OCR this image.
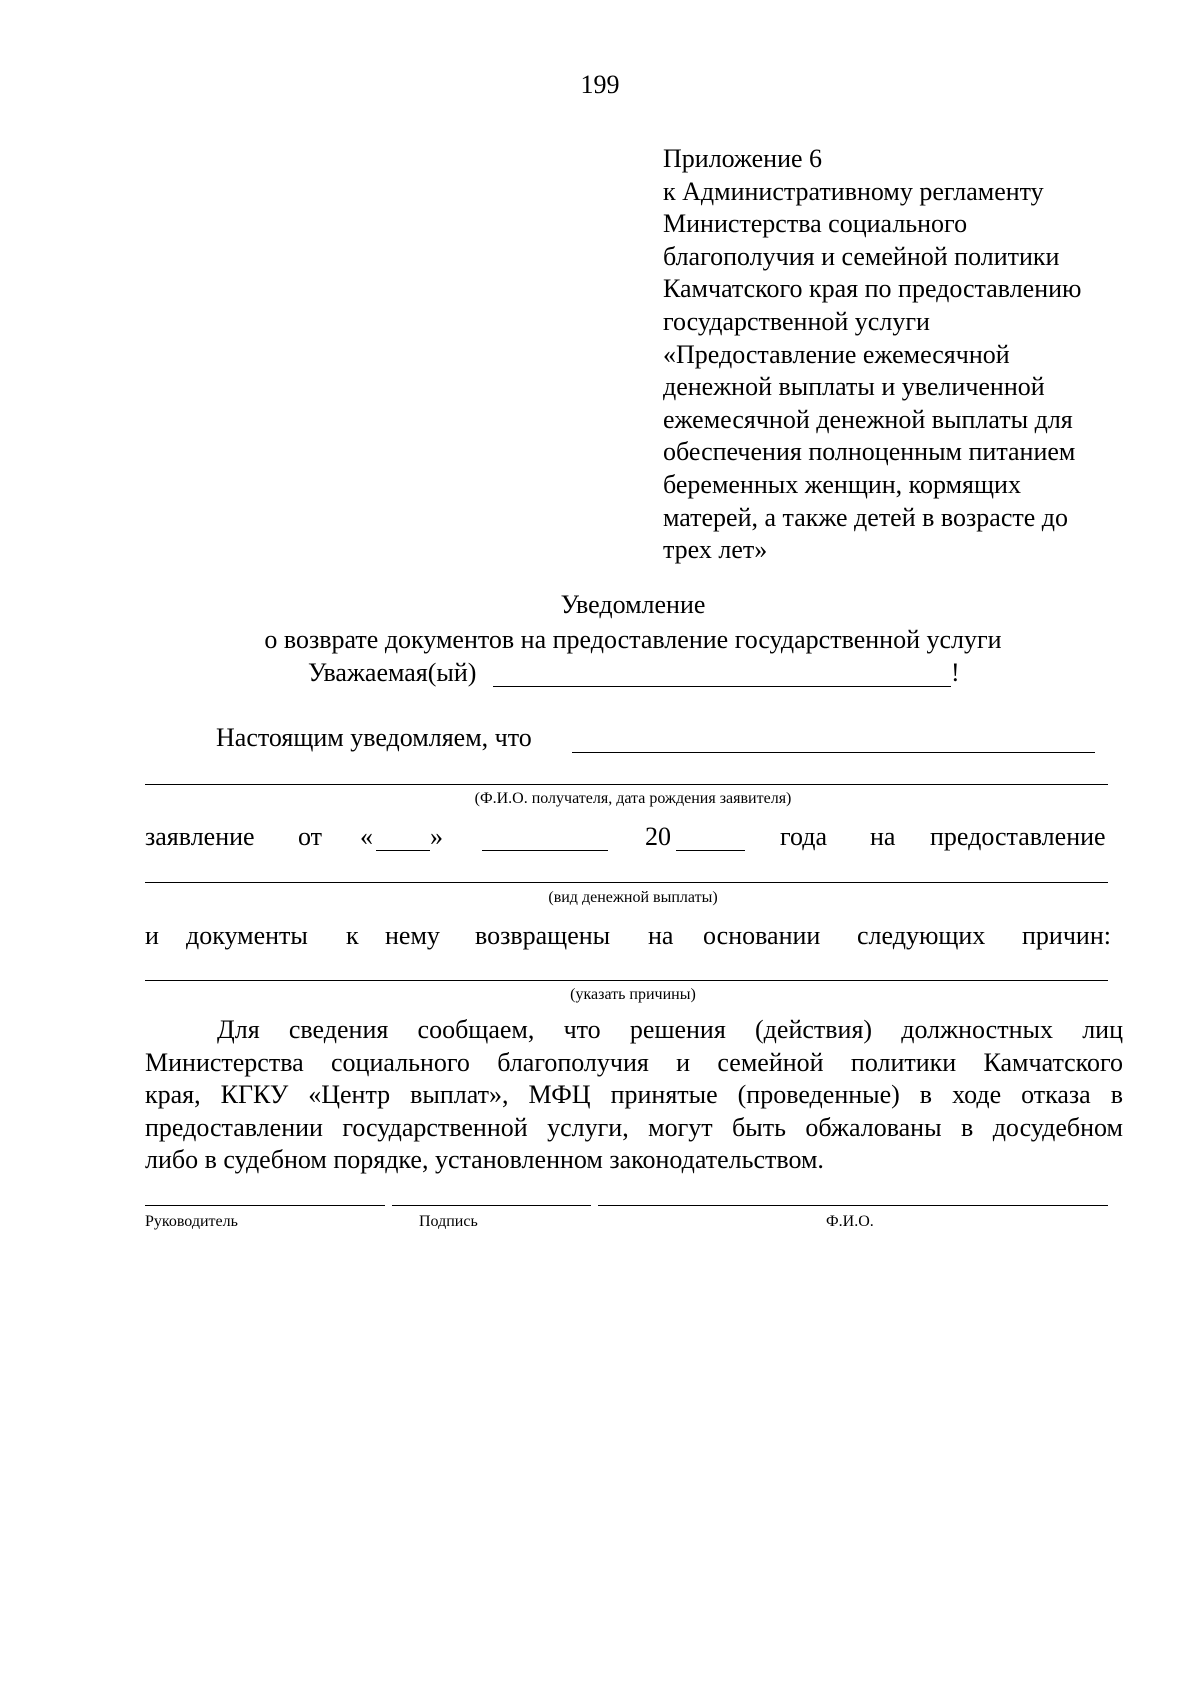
199
Приложение 6
к Административному регламенту
Министерства социального
благополучия и семейной политики
Камчатского края по предоставлению
государственной услуги
«Предоставление ежемесячной
денежной выплаты и увеличенной
ежемесячной денежной выплаты для
обеспечения полноценным питанием
беременных женщин, кормящих
матерей, а также детей в возрасте до
трех лет»
Уведомление
о возврате документов на предоставление государственной услуги
Уважаемая(ый)	!
Настоящим уведомляем, что
(Ф.И.О. получателя, дата рождения заявителя)
заявление от « »	20	года на предоставление
(вид денежной выплаты)
и документы к нему возвращены на основании следующих причин:
(указать причины)
Для сведения сообщаем, что решения (действия) должностных лиц
Министерства социального благополучия и семейной политики Камчатского
края, КГКУ «Центр выплат», МФЦ принятые (проведенные) в ходе отказа в
предоставлении государственной услуги, могут быть обжалованы в досудебном
либо в судебном порядке, установленном законодательством.
Руководитель	Подпись	Ф.И.О.
